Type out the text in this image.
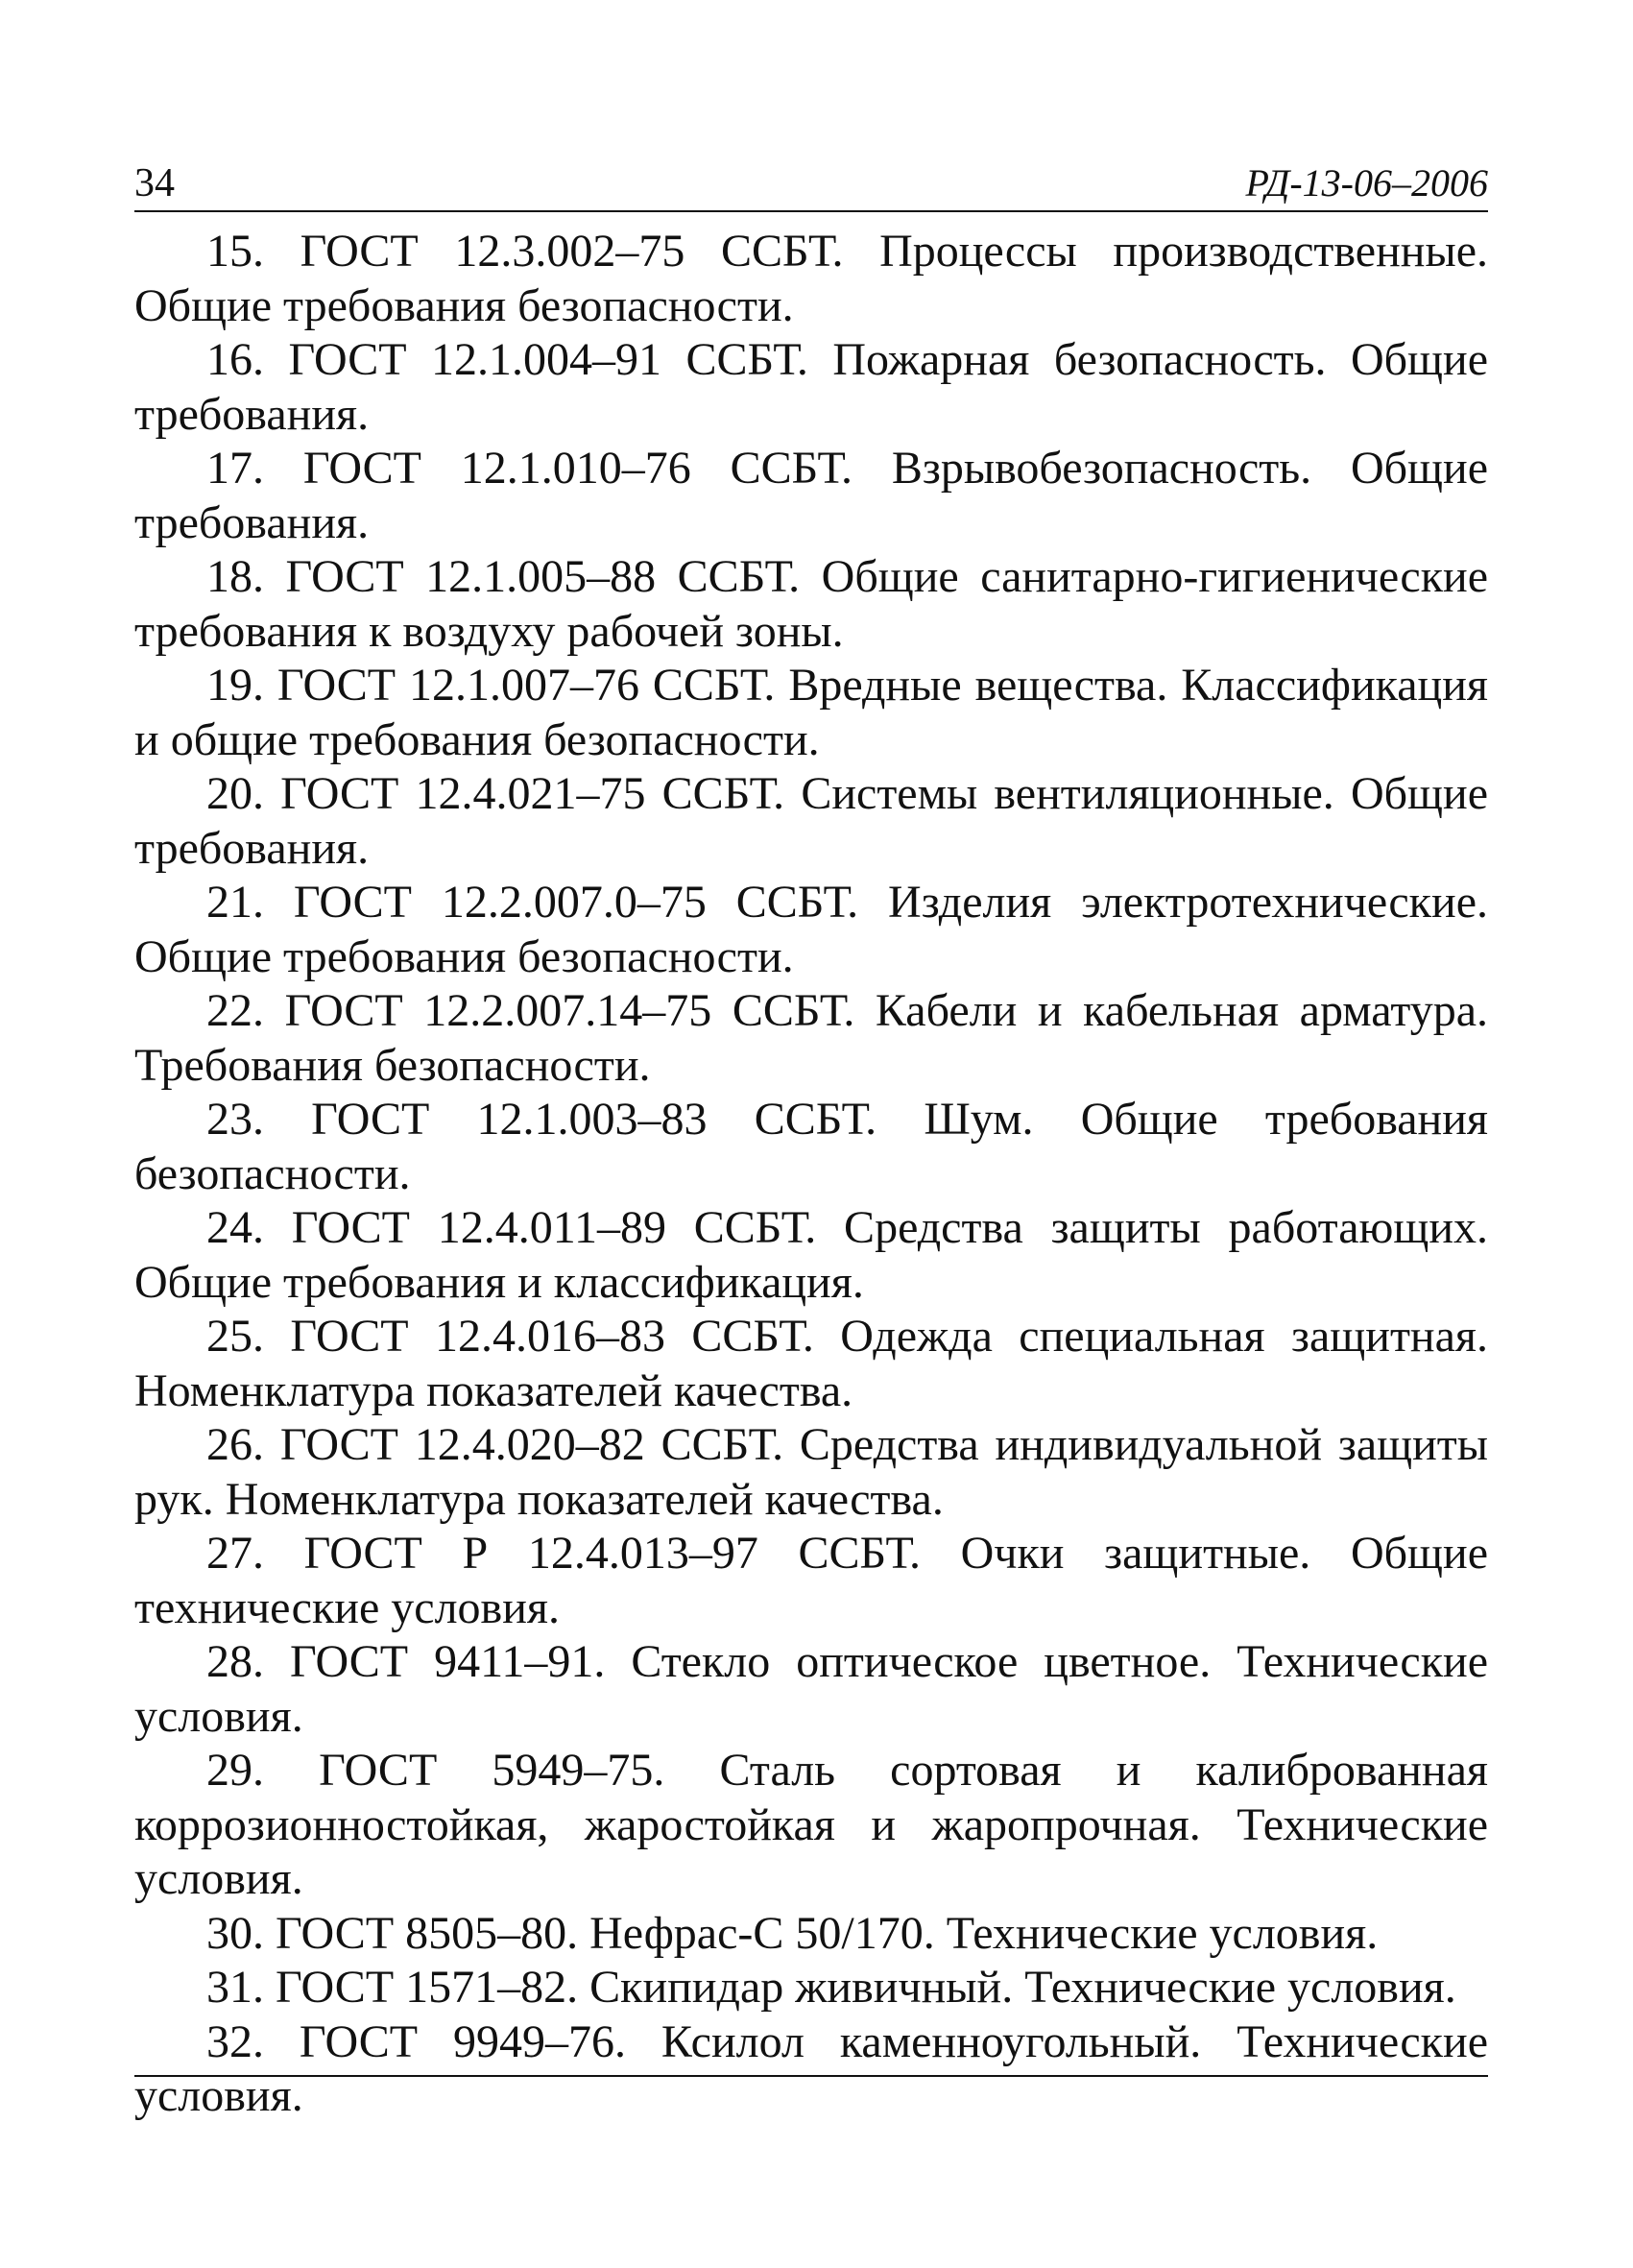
34	РД-13-06–2006

15. ГОСТ 12.3.002–75 ССБТ. Процессы производственные. Общие требования безопасности.

16. ГОСТ 12.1.004–91 ССБТ. Пожарная безопасность. Общие требования.

17. ГОСТ 12.1.010–76 ССБТ. Взрывобезопасность. Общие требования.

18. ГОСТ 12.1.005–88 ССБТ. Общие санитарно-гигиенические требования к воздуху рабочей зоны.

19. ГОСТ 12.1.007–76 ССБТ. Вредные вещества. Классификация и общие требования безопасности.

20. ГОСТ 12.4.021–75 ССБТ. Системы вентиляционные. Общие требования.

21. ГОСТ 12.2.007.0–75 ССБТ. Изделия электротехнические. Общие требования безопасности.

22. ГОСТ 12.2.007.14–75 ССБТ. Кабели и кабельная арматура. Требования безопасности.

23. ГОСТ 12.1.003–83 ССБТ. Шум. Общие требования безопасности.

24. ГОСТ 12.4.011–89 ССБТ. Средства защиты работающих. Общие требования и классификация.

25. ГОСТ 12.4.016–83 ССБТ. Одежда специальная защитная. Номенклатура показателей качества.

26. ГОСТ 12.4.020–82 ССБТ. Средства индивидуальной защиты рук. Номенклатура показателей качества.

27. ГОСТ Р 12.4.013–97 ССБТ. Очки защитные. Общие технические условия.

28. ГОСТ 9411–91. Стекло оптическое цветное. Технические условия.

29. ГОСТ 5949–75. Сталь сортовая и калиброванная коррозионностойкая, жаростойкая и жаропрочная. Технические условия.

30. ГОСТ 8505–80. Нефрас-С 50/170. Технические условия.

31. ГОСТ 1571–82. Скипидар живичный. Технические условия.

32. ГОСТ 9949–76. Ксилол каменноугольный. Технические условия.
